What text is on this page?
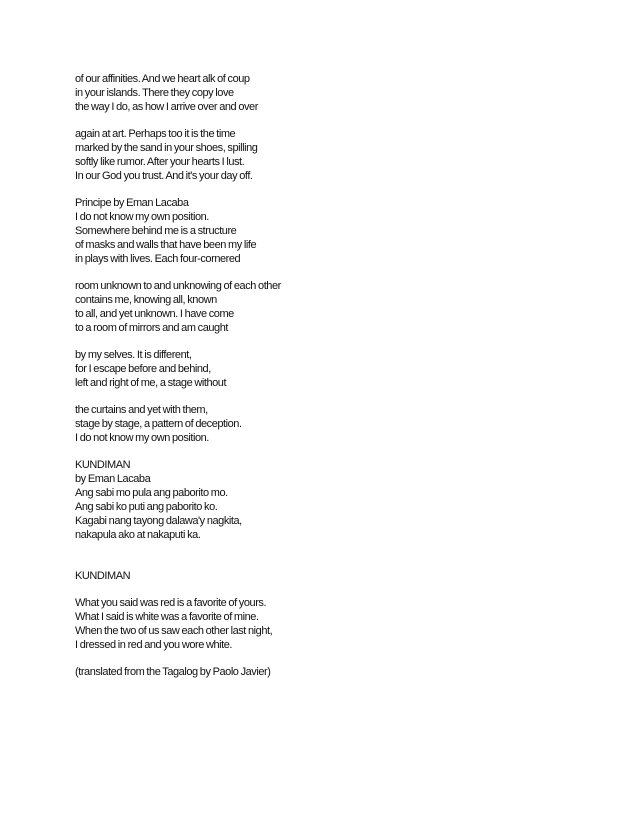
of our affinities. And we heart alk of coup
in your islands. There they copy love
the way I do, as how I arrive over and over
again at art. Perhaps too it is the time
marked by the sand in your shoes, spilling
softly like rumor. After your hearts I lust.
In our God you trust. And it's your day off.
Principe by Eman Lacaba
I do not know my own position.
Somewhere behind me is a structure
of masks and walls that have been my life
in plays with lives. Each four-cornered
room unknown to and unknowing of each other
contains me, knowing all, known
to all, and yet unknown. I have come
to a room of mirrors and am caught
by my selves. It is different,
for I escape before and behind,
left and right of me, a stage without
the curtains and yet with them,
stage by stage, a pattern of deception.
I do not know my own position.
KUNDIMAN
by Eman Lacaba
Ang sabi mo pula ang paborito mo.
Ang sabi ko puti ang paborito ko.
Kagabi nang tayong dalawa'y nagkita,
nakapula ako at nakaputi ka.
KUNDIMAN
What you said was red is a favorite of yours.
What I said is white was a favorite of mine.
When the two of us saw each other last night,
I dressed in red and you wore white.
(translated from the Tagalog by Paolo Javier)
